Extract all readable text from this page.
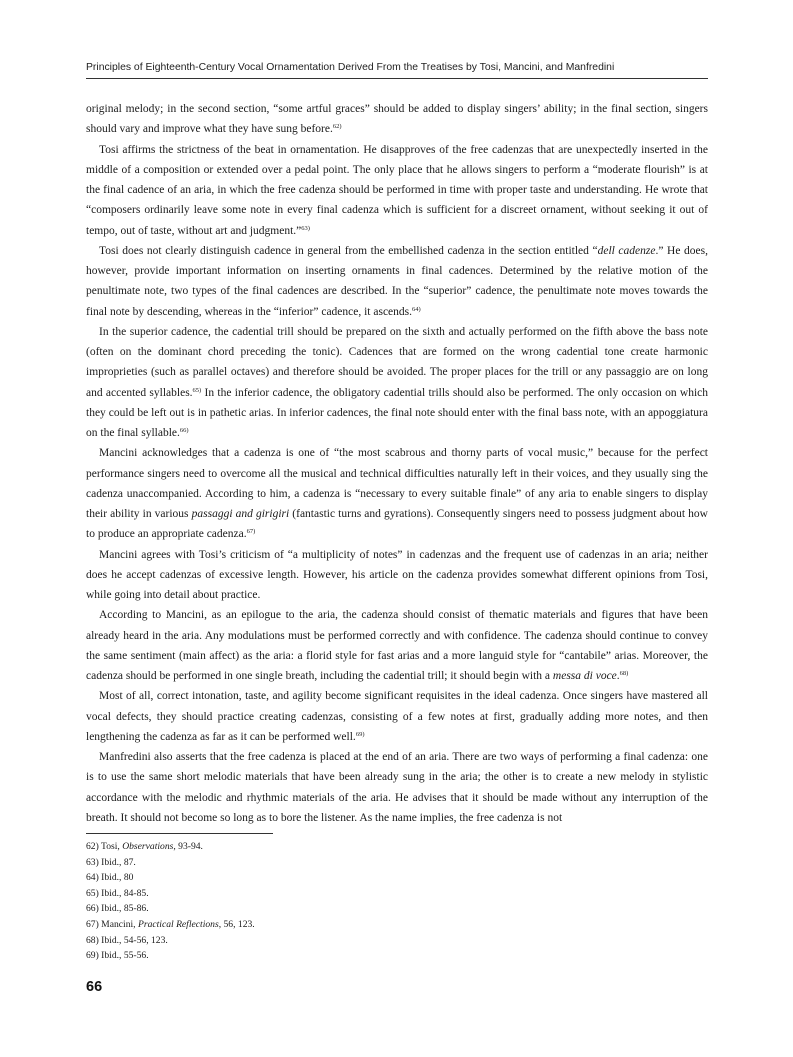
Principles of Eighteenth-Century Vocal Ornamentation Derived From the Treatises by Tosi, Mancini, and Manfredini

original melody; in the second section, “some artful graces” should be added to display singers’ ability; in the final section, singers should vary and improve what they have sung before.$^{62)}$

Tosi affirms the strictness of the beat in ornamentation. He disapproves of the free cadenzas that are unexpectedly inserted in the middle of a composition or extended over a pedal point. The only place that he allows singers to perform a “moderate flourish” is at the final cadence of an aria, in which the free cadenza should be performed in time with proper taste and understanding. He wrote that “composers ordinarily leave some note in every final cadenza which is sufficient for a discreet ornament, without seeking it out of tempo, out of taste, without art and judgment.”$^{63)}$

Tosi does not clearly distinguish cadence in general from the embellished cadenza in the section entitled “dell cadenze.” He does, however, provide important information on inserting ornaments in final cadences. Determined by the relative motion of the penultimate note, two types of the final cadences are described. In the “superior” cadence, the penultimate note moves towards the final note by descending, whereas in the “inferior” cadence, it ascends.$^{64)}$

In the superior cadence, the cadential trill should be prepared on the sixth and actually performed on the fifth above the bass note (often on the dominant chord preceding the tonic). Cadences that are formed on the wrong cadential tone create harmonic improprieties (such as parallel octaves) and therefore should be avoided. The proper places for the trill or any passaggio are on long and accented syllables.$^{65)}$ In the inferior cadence, the obligatory cadential trills should also be performed. The only occasion on which they could be left out is in pathetic arias. In inferior cadences, the final note should enter with the final bass note, with an appoggiatura on the final syllable.$^{66)}$

Mancini acknowledges that a cadenza is one of “the most scabrous and thorny parts of vocal music,” because for the perfect performance singers need to overcome all the musical and technical difficulties naturally left in their voices, and they usually sing the cadenza unaccompanied. According to him, a cadenza is “necessary to every suitable finale” of any aria to enable singers to display their ability in various passaggi and girigiri (fantastic turns and gyrations). Consequently singers need to possess judgment about how to produce an appropriate cadenza.$^{67)}$

Mancini agrees with Tosi’s criticism of “a multiplicity of notes” in cadenzas and the frequent use of cadenzas in an aria; neither does he accept cadenzas of excessive length. However, his article on the cadenza provides somewhat different opinions from Tosi, while going into detail about practice.

According to Mancini, as an epilogue to the aria, the cadenza should consist of thematic materials and figures that have been already heard in the aria. Any modulations must be performed correctly and with confidence. The cadenza should continue to convey the same sentiment (main affect) as the aria: a florid style for fast arias and a more languid style for “cantabile” arias. Moreover, the cadenza should be performed in one single breath, including the cadential trill; it should begin with a messa di voce.$^{68)}$

Most of all, correct intonation, taste, and agility become significant requisites in the ideal cadenza. Once singers have mastered all vocal defects, they should practice creating cadenzas, consisting of a few notes at first, gradually adding more notes, and then lengthening the cadenza as far as it can be performed well.$^{69)}$

Manfredini also asserts that the free cadenza is placed at the end of an aria. There are two ways of performing a final cadenza: one is to use the same short melodic materials that have been already sung in the aria; the other is to create a new melody in stylistic accordance with the melodic and rhythmic materials of the aria. He advises that it should be made without any interruption of the breath. It should not become so long as to bore the listener. As the name implies, the free cadenza is not

62) Tosi, Observations, 93-94.
63) Ibid., 87.
64) Ibid., 80
65) Ibid., 84-85.
66) Ibid., 85-86.
67) Mancini, Practical Reflections, 56, 123.
68) Ibid., 54-56, 123.
69) Ibid., 55-56.
66
